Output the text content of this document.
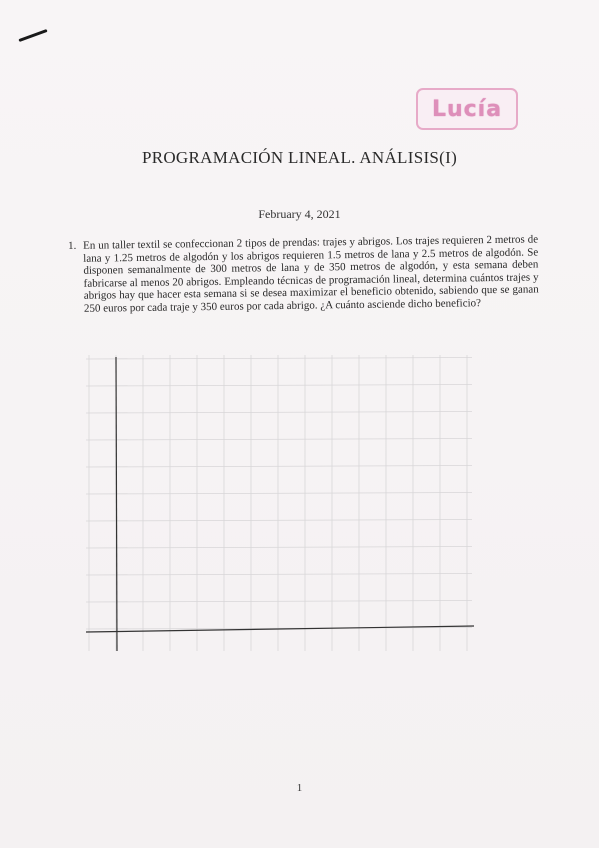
Lucía
PROGRAMACIÓN LINEAL. ANÁLISIS(I)
February 4, 2021
1. En un taller textil se confeccionan 2 tipos de prendas: trajes y abrigos. Los trajes requieren 2 metros de lana y 1.25 metros de algodón y los abrigos requieren 1.5 metros de lana y 2.5 metros de algodón. Se disponen semanalmente de 300 metros de lana y de 350 metros de algodón, y esta semana deben fabricarse al menos 20 abrigos. Empleando técnicas de programación lineal, determina cuántos trajes y abrigos hay que hacer esta semana si se desea maximizar el beneficio obtenido, sabiendo que se ganan 250 euros por cada traje y 350 euros por cada abrigo. ¿A cuánto asciende dicho beneficio?
1
